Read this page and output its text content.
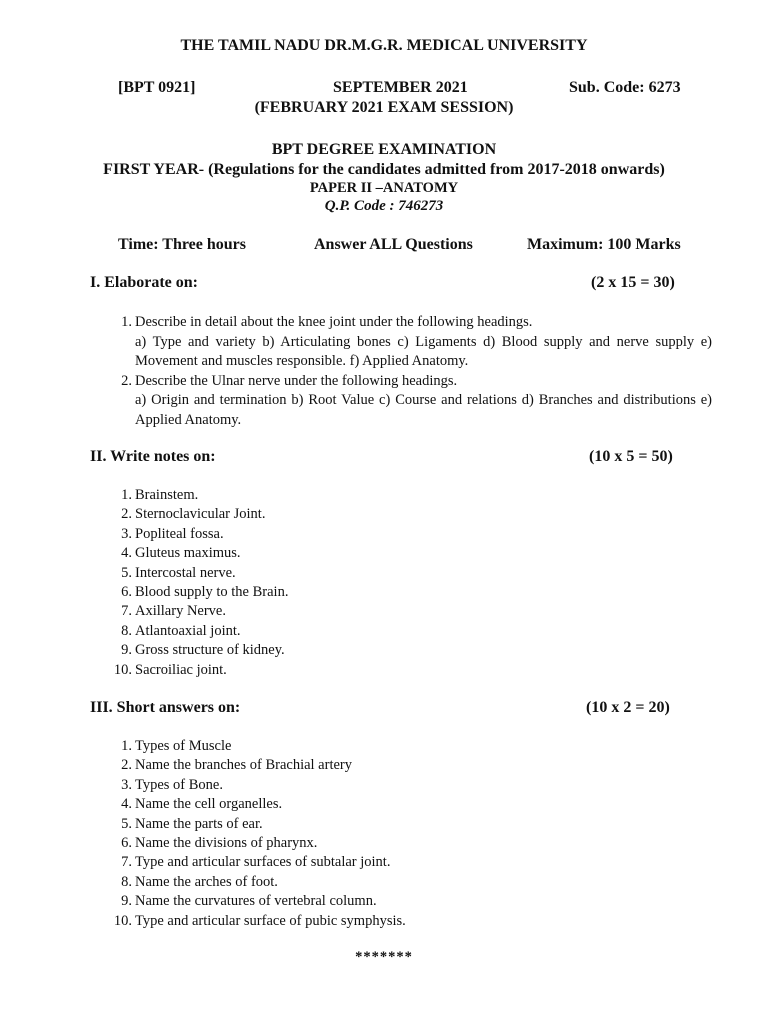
THE TAMIL NADU DR.M.G.R. MEDICAL UNIVERSITY
[BPT 0921]	SEPTEMBER 2021	Sub. Code: 6273
(FEBRUARY 2021 EXAM SESSION)
BPT DEGREE EXAMINATION
FIRST YEAR- (Regulations for the candidates admitted from 2017-2018 onwards)
PAPER II –ANATOMY
Q.P. Code : 746273
Time: Three hours	Answer ALL Questions	Maximum: 100 Marks
I. Elaborate on:	(2 x 15 = 30)
1. Describe in detail about the knee joint under the following headings.
a) Type and variety b) Articulating bones c) Ligaments d) Blood supply and nerve supply e) Movement and muscles responsible. f) Applied Anatomy.
2. Describe the Ulnar nerve under the following headings.
a) Origin and termination b) Root Value c) Course and relations d) Branches and distributions e) Applied Anatomy.
II. Write notes on:	(10 x 5 = 50)
1. Brainstem.
2. Sternoclavicular Joint.
3. Popliteal fossa.
4. Gluteus maximus.
5. Intercostal nerve.
6. Blood supply to the Brain.
7. Axillary Nerve.
8. Atlantoaxial joint.
9. Gross structure of kidney.
10. Sacroiliac joint.
III. Short answers on:	(10 x 2 = 20)
1. Types of Muscle
2. Name the branches of Brachial artery
3. Types of Bone.
4. Name the cell organelles.
5. Name the parts of ear.
6. Name the divisions of pharynx.
7. Type and articular surfaces of subtalar joint.
8. Name the arches of foot.
9. Name the curvatures of vertebral column.
10. Type and articular surface of pubic symphysis.
*******
